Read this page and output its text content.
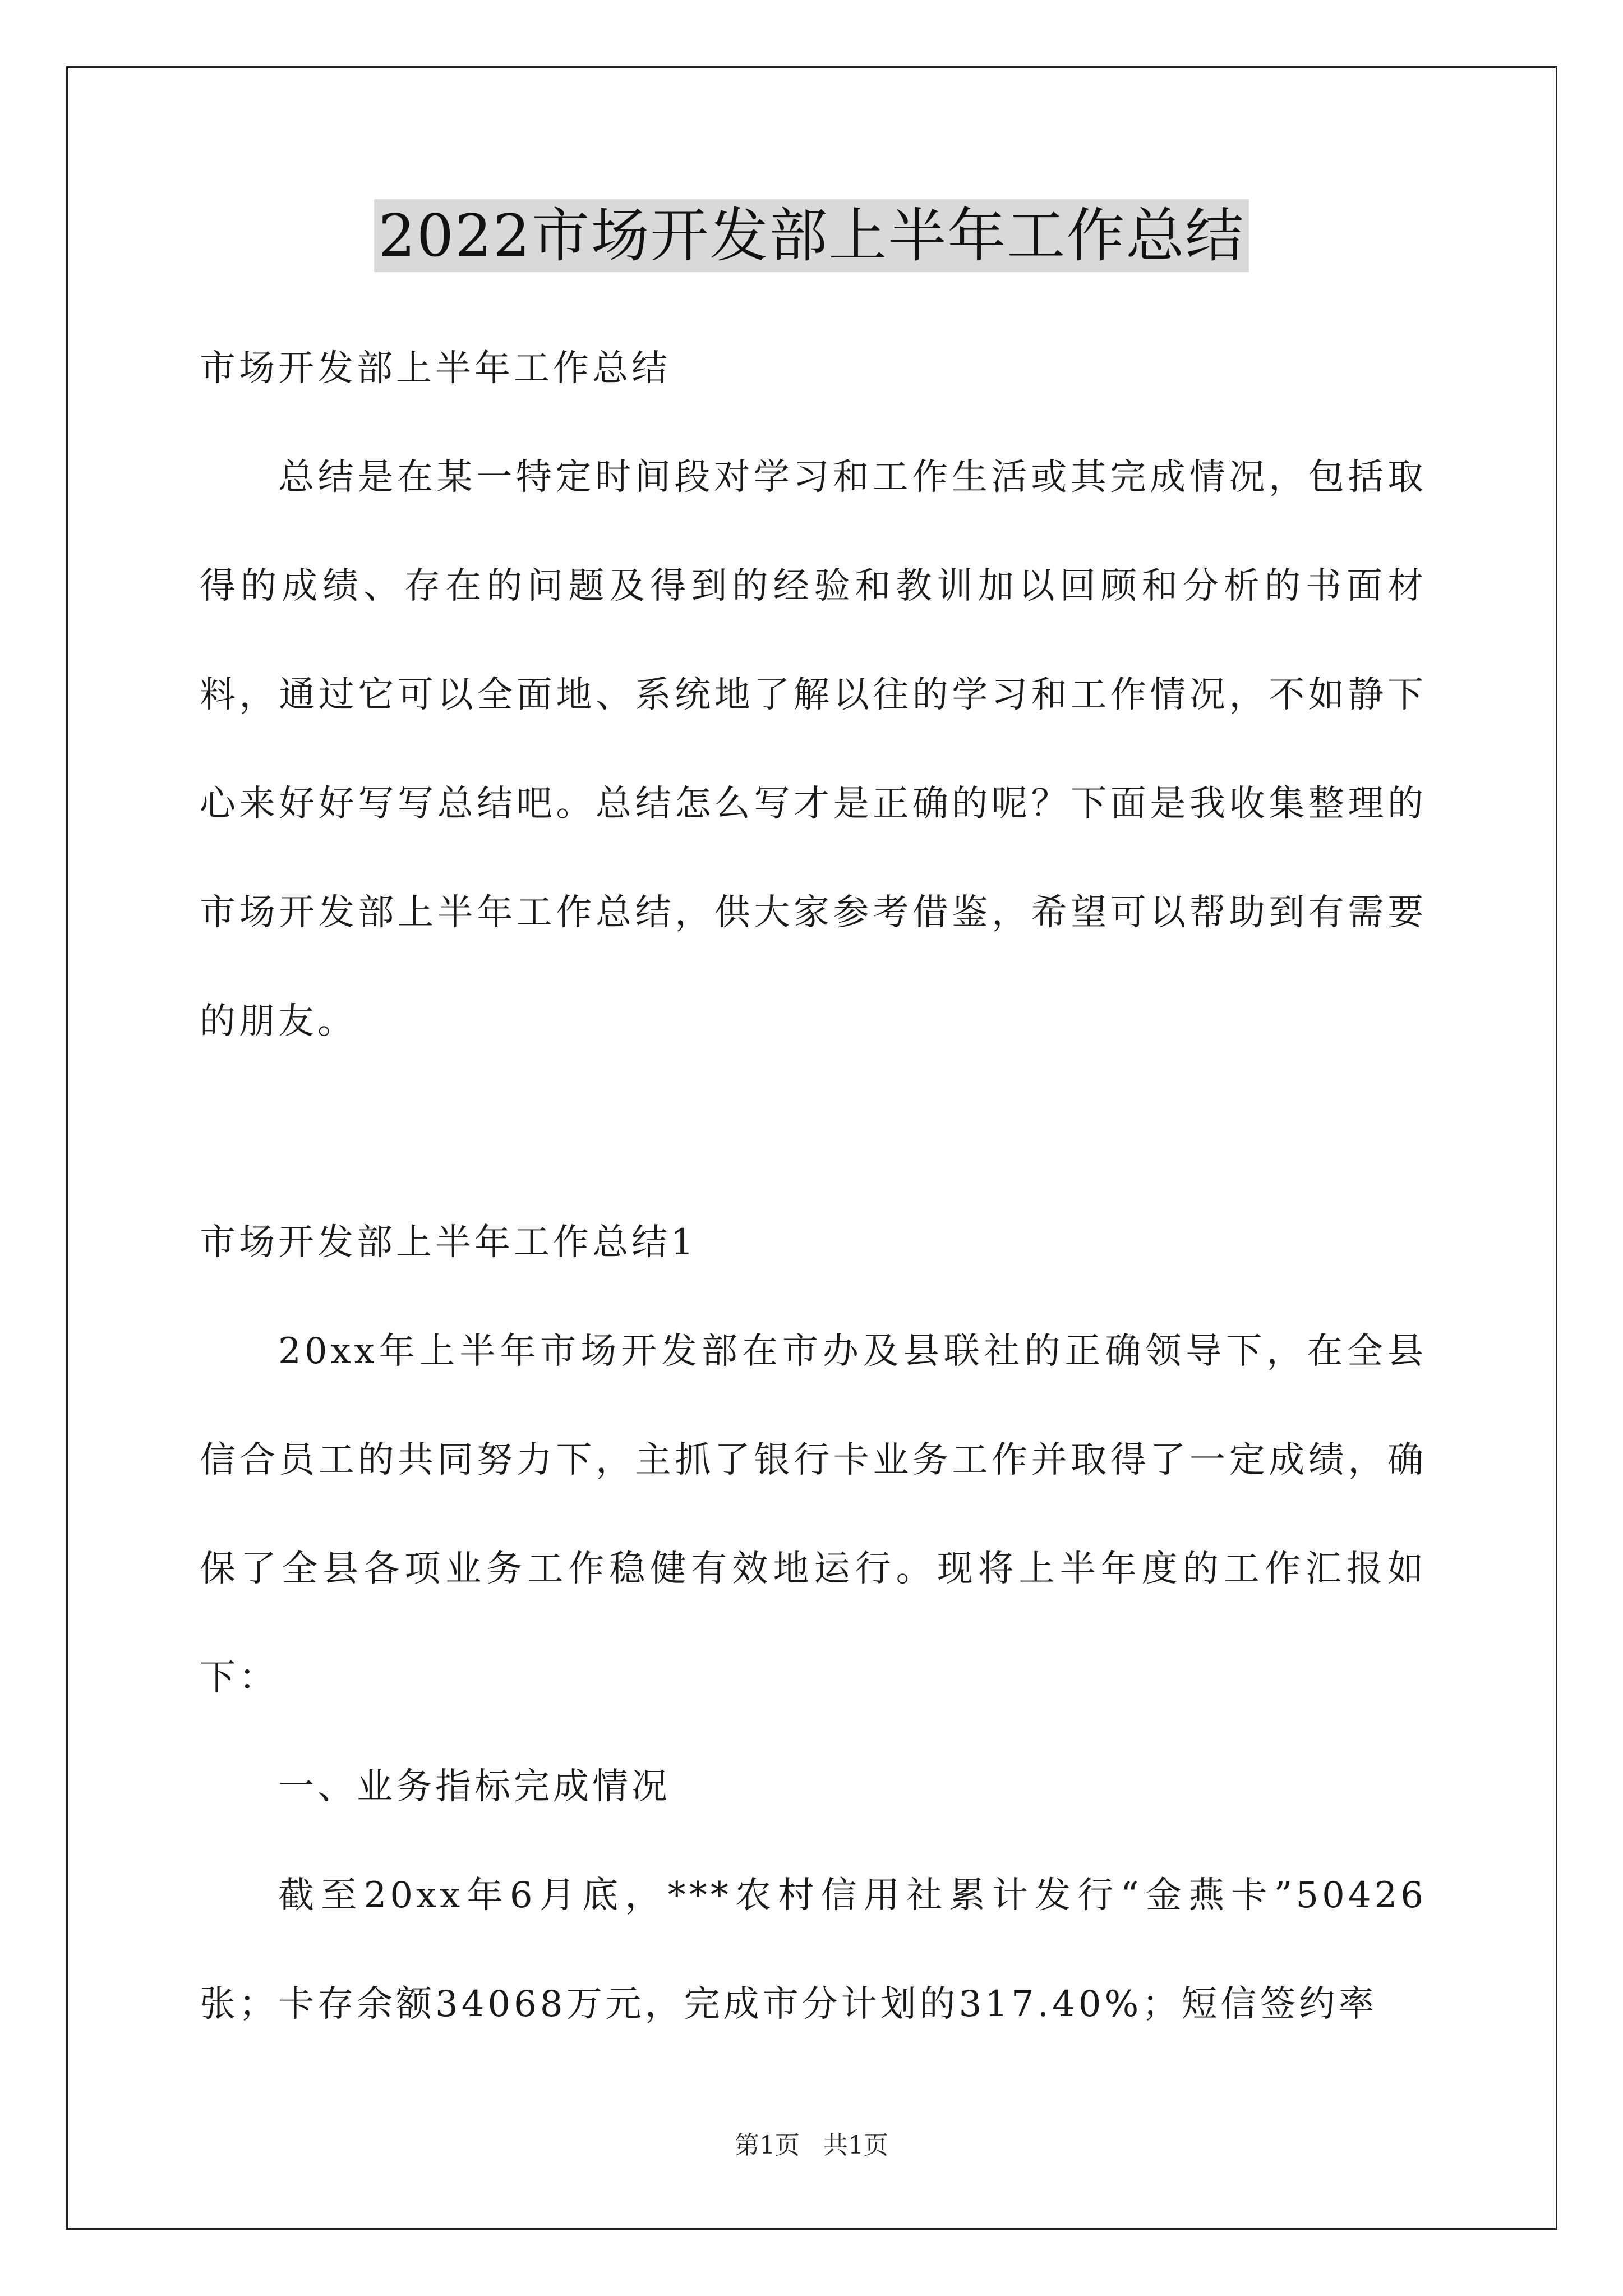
2022市场开发部上半年工作总结

市场开发部上半年工作总结

总结是在某一特定时间段对学习和工作生活或其完成情况，包括取得的成绩、存在的问题及得到的经验和教训加以回顾和分析的书面材料，通过它可以全面地、系统地了解以往的学习和工作情况，不如静下心来好好写写总结吧。总结怎么写才是正确的呢？下面是我收集整理的市场开发部上半年工作总结，供大家参考借鉴，希望可以帮助到有需要的朋友。

市场开发部上半年工作总结1

20xx年上半年市场开发部在市办及县联社的正确领导下，在全县信合员工的共同努力下，主抓了银行卡业务工作并取得了一定成绩，确保了全县各项业务工作稳健有效地运行。现将上半年度的工作汇报如下：

一、业务指标完成情况

截至20xx年6月底，***农村信用社累计发行“金燕卡”50426张；卡存余额34068万元，完成市分计划的317.40%；短信签约率

第1页 共1页
